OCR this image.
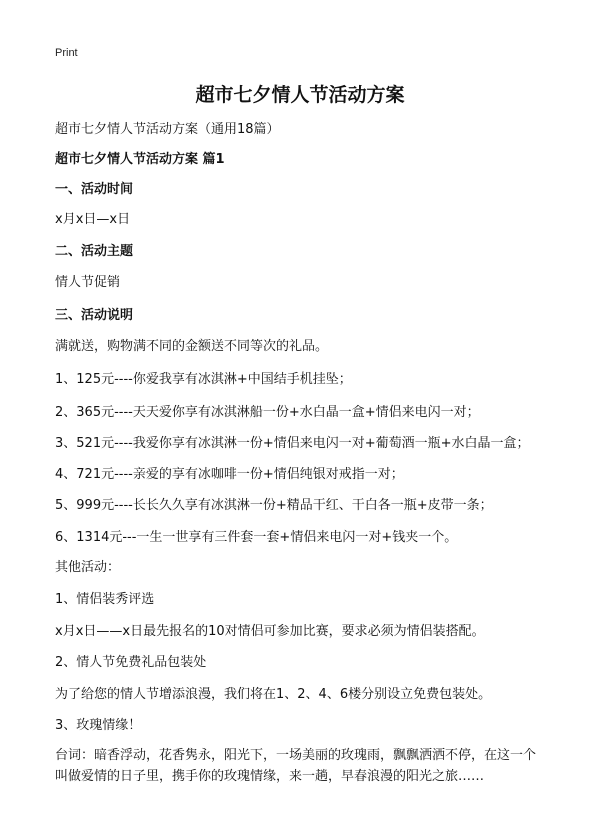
Print
超市七夕情人节活动方案
超市七夕情人节活动方案（通用18篇）
超市七夕情人节活动方案 篇1
一、活动时间
x月x日—x日
二、活动主题
情人节促销
三、活动说明
满就送，购物满不同的金额送不同等次的礼品。
1、125元----你爱我享有冰淇淋+中国结手机挂坠；
2、365元----天天爱你享有冰淇淋船一份+水白晶一盒+情侣来电闪一对；
3、521元----我爱你享有冰淇淋一份+情侣来电闪一对+葡萄酒一瓶+水白晶一盒；
4、721元----亲爱的享有冰咖啡一份+情侣纯银对戒指一对；
5、999元----长长久久享有冰淇淋一份+精品干红、干白各一瓶+皮带一条；
6、1314元---一生一世享有三件套一套+情侣来电闪一对+钱夹一个。
其他活动：
1、情侣装秀评选
x月x日——x日最先报名的10对情侣可参加比赛，要求必须为情侣装搭配。
2、情人节免费礼品包装处
为了给您的情人节增添浪漫，我们将在1、2、4、6楼分别设立免费包装处。
3、玫瑰情缘！
台词：暗香浮动，花香隽永，阳光下，一场美丽的玫瑰雨，飘飘洒洒不停，在这一个叫做爱情的日子里，携手你的玫瑰情缘，来一趟，早春浪漫的阳光之旅……
